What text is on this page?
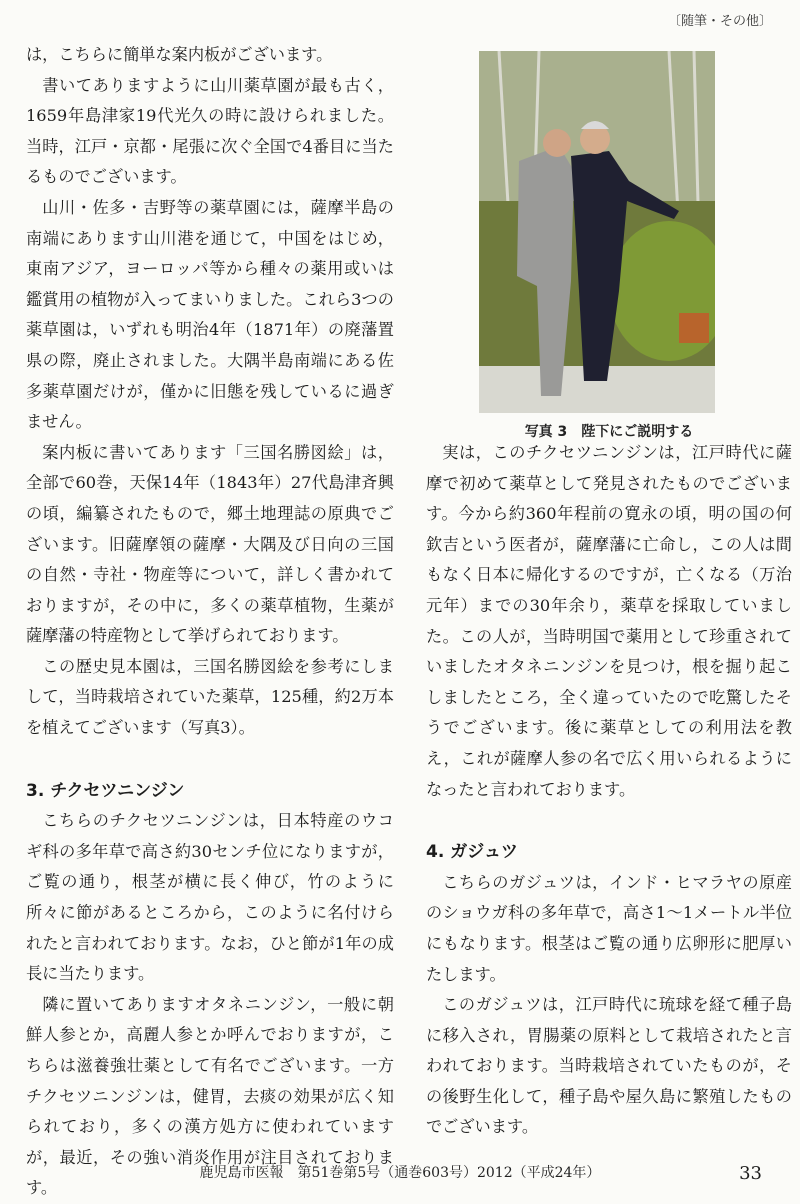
〔随筆・その他〕

は，こちらに簡単な案内板がございます。

書いてありますように山川薬草園が最も古く，1659年島津家19代光久の時に設けられました。当時，江戸・京都・尾張に次ぐ全国で4番目に当たるものでございます。

山川・佐多・吉野等の薬草園には，薩摩半島の南端にあります山川港を通じて，中国をはじめ，東南アジア，ヨーロッパ等から種々の薬用或いは鑑賞用の植物が入ってまいりました。これら3つの薬草園は，いずれも明治4年（1871年）の廃藩置県の際，廃止されました。大隅半島南端にある佐多薬草園だけが，僅かに旧態を残しているに過ぎません。

案内板に書いてあります「三国名勝図絵」は，全部で60巻，天保14年（1843年）27代島津斉興の頃，編纂されたもので，郷土地理誌の原典でございます。旧薩摩領の薩摩・大隅及び日向の三国の自然・寺社・物産等について，詳しく書かれておりますが，その中に，多くの薬草植物，生薬が薩摩藩の特産物として挙げられております。

この歴史見本園は，三国名勝図絵を参考にしまして，当時栽培されていた薬草，125種，約2万本を植えてございます（写真3）。

3. チクセツニンジン

こちらのチクセツニンジンは，日本特産のウコギ科の多年草で高さ約30センチ位になりますが，ご覧の通り，根茎が横に長く伸び，竹のように所々に節があるところから，このように名付けられたと言われております。なお，ひと節が1年の成長に当たります。

隣に置いてありますオタネニンジン，一般に朝鮮人参とか，高麗人参とか呼んでおりますが，こちらは滋養強壮薬として有名でございます。一方チクセツニンジンは，健胃，去痰の効果が広く知られており，多くの漢方処方に使われていますが，最近，その強い消炎作用が注目されております。

写真 3　陛下にご説明する

実は，このチクセツニンジンは，江戸時代に薩摩で初めて薬草として発見されたものでございます。今から約360年程前の寛永の頃，明の国の何欽吉という医者が，薩摩藩に亡命し，この人は間もなく日本に帰化するのですが，亡くなる（万治元年）までの30年余り，薬草を採取していました。この人が，当時明国で薬用として珍重されていましたオタネニンジンを見つけ，根を掘り起こしましたところ，全く違っていたので吃驚したそうでございます。後に薬草としての利用法を教え，これが薩摩人参の名で広く用いられるようになったと言われております。

4. ガジュツ

こちらのガジュツは，インド・ヒマラヤの原産のショウガ科の多年草で，高さ1～1メートル半位にもなります。根茎はご覧の通り広卵形に肥厚いたします。

このガジュツは，江戸時代に琉球を経て種子島に移入され，胃腸薬の原料として栽培されたと言われております。当時栽培されていたものが，その後野生化して，種子島や屋久島に繁殖したものでございます。

鹿児島市医報　第51巻第5号（通巻603号）2012（平成24年）	33
